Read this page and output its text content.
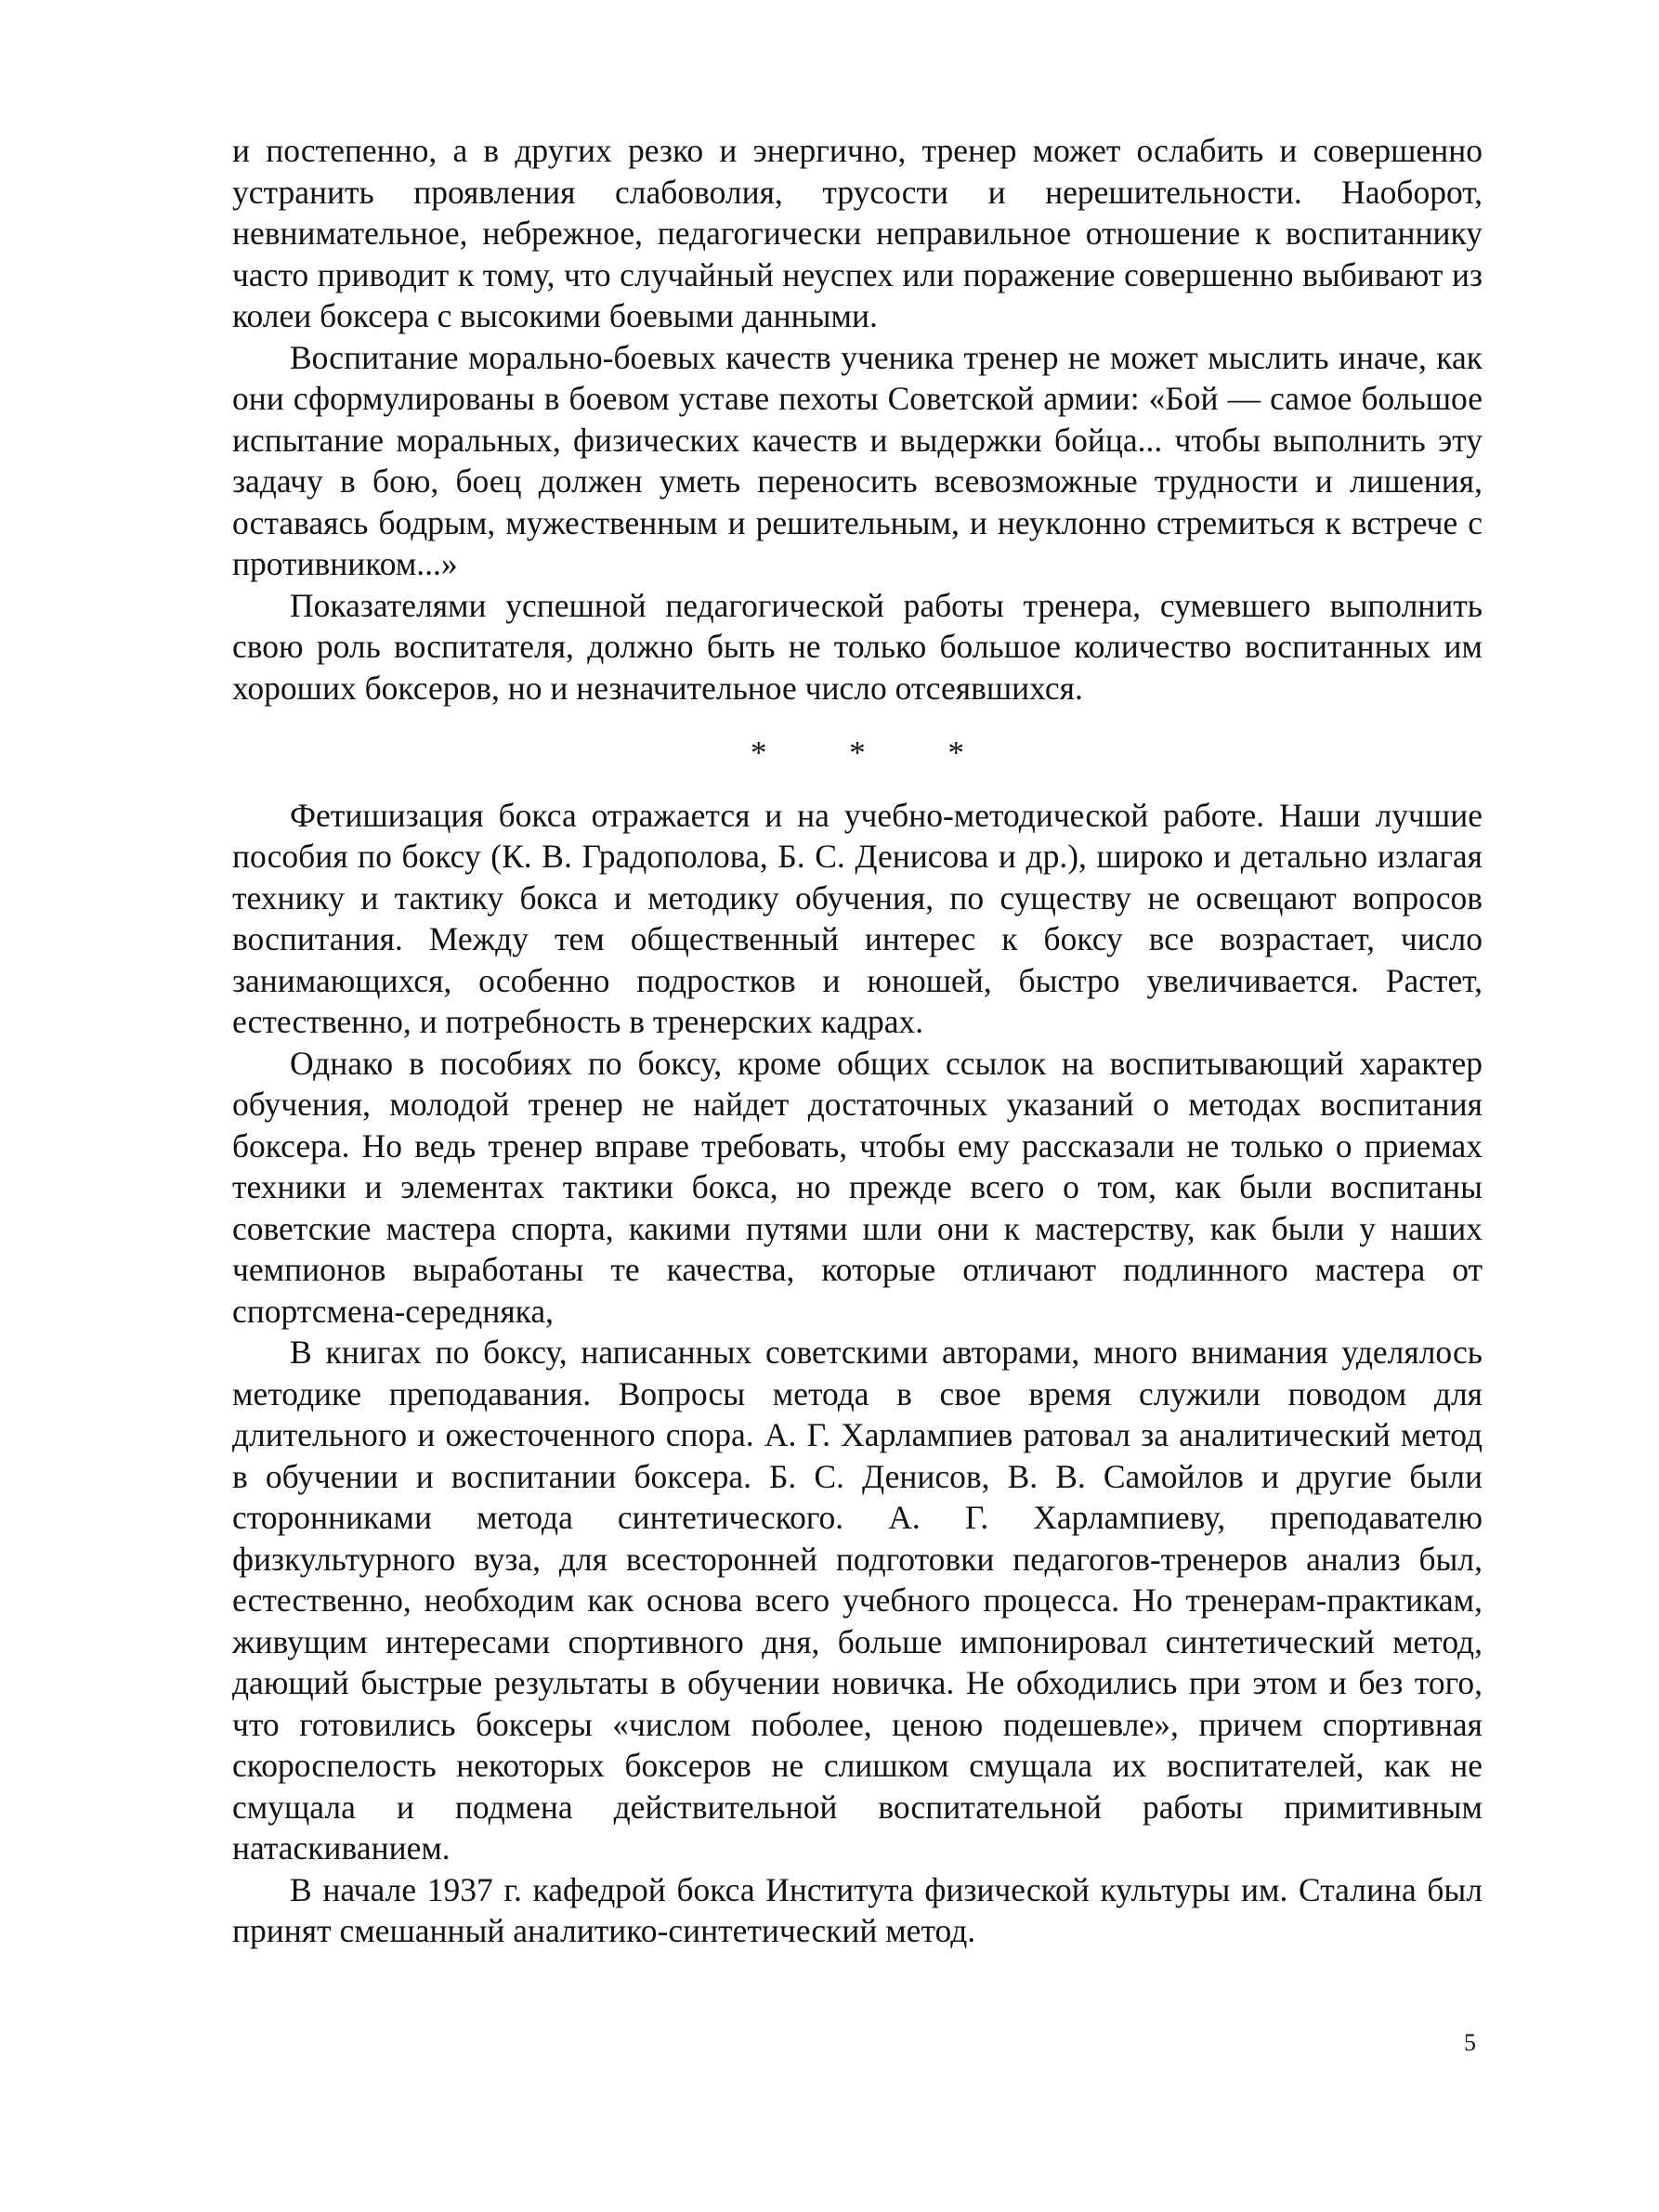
и постепенно, а в других резко и энергично, тренер может ослабить и совершенно устранить проявления слабоволия, трусости и нерешительности. Наоборот, невнимательное, небрежное, педагогически неправильное отношение к воспитаннику часто приводит к тому, что случайный неуспех или поражение совершенно выбивают из колеи боксера с высокими боевыми данными.

Воспитание морально-боевых качеств ученика тренер не может мыслить иначе, как они сформулированы в боевом уставе пехоты Советской армии: «Бой — самое большое испытание моральных, физических качеств и выдержки бойца... чтобы выполнить эту задачу в бою, боец должен уметь переносить всевозможные трудности и лишения, оставаясь бодрым, мужественным и решительным, и неуклонно стремиться к встрече с противником...»

Показателями успешной педагогической работы тренера, сумевшего выполнить свою роль воспитателя, должно быть не только большое количество воспитанных им хороших боксеров, но и незначительное число отсеявшихся.

* * *

Фетишизация бокса отражается и на учебно-методической работе. Наши лучшие пособия по боксу (К. В. Градополова, Б. С. Денисова и др.), широко и детально излагая технику и тактику бокса и методику обучения, по существу не освещают вопросов воспитания. Между тем общественный интерес к боксу все возрастает, число занимающихся, особенно подростков и юношей, быстро увеличивается. Растет, естественно, и потребность в тренерских кадрах.

Однако в пособиях по боксу, кроме общих ссылок на воспитывающий характер обучения, молодой тренер не найдет достаточных указаний о методах воспитания боксера. Но ведь тренер вправе требовать, чтобы ему рассказали не только о приемах техники и элементах тактики бокса, но прежде всего о том, как были воспитаны советские мастера спорта, какими путями шли они к мастерству, как были у наших чемпионов выработаны те качества, которые отличают подлинного мастера от спортсмена-середняка,

В книгах по боксу, написанных советскими авторами, много внимания уделялось методике преподавания. Вопросы метода в свое время служили поводом для длительного и ожесточенного спора. А. Г. Харлампиев ратовал за аналитический метод в обучении и воспитании боксера. Б. С. Денисов, В. В. Самойлов и другие были сторонниками метода синтетического. А. Г. Харлампиеву, преподавателю физкультурного вуза, для всесторонней подготовки педагогов-тренеров анализ был, естественно, необходим как основа всего учебного процесса. Но тренерам-практикам, живущим интересами спортивного дня, больше импонировал синтетический метод, дающий быстрые результаты в обучении новичка. Не обходились при этом и без того, что готовились боксеры «числом поболее, ценою подешевле», причем спортивная скороспелость некоторых боксеров не слишком смущала их воспитателей, как не смущала и подмена действительной воспитательной работы примитивным натаскиванием.

В начале 1937 г. кафедрой бокса Института физической культуры им. Сталина был принят смешанный аналитико-синтетический метод.

5
